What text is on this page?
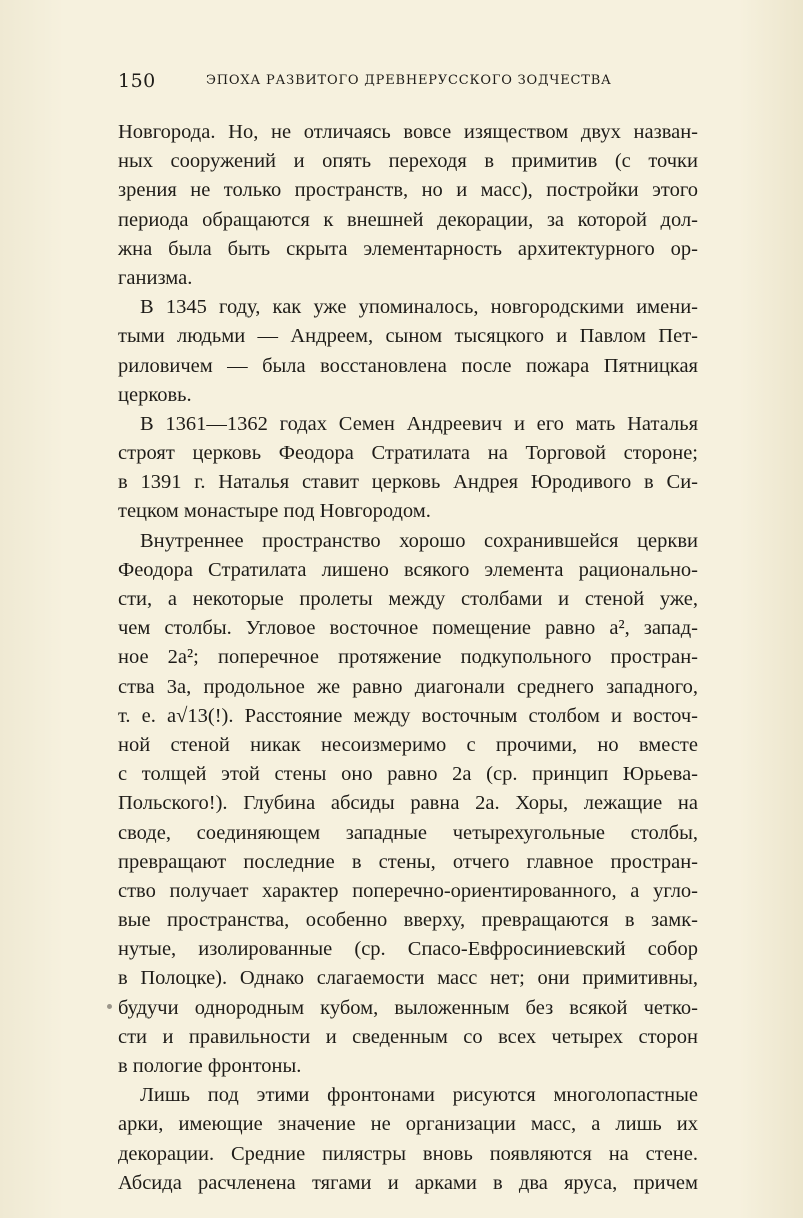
150	ЭПОХА РАЗВИТОГО ДРЕВНЕРУССКОГО ЗОДЧЕСТВА
Новгорода. Но, не отличаясь вовсе изяществом двух назван-
ных сооружений и опять переходя в примитив (с точки
зрения не только пространств, но и масс), постройки этого
периода обращаются к внешней декорации, за которой дол-
жна была быть скрыта элементарность архитектурного ор-
ганизма.
В 1345 году, как уже упоминалось, новгородскими имени-
тыми людьми — Андреем, сыном тысяцкого и Павлом Пет-
риловичем — была восстановлена после пожара Пятницкая
церковь.
В 1361—1362 годах Семен Андреевич и его мать Наталья
строят церковь Феодора Стратилата на Торговой стороне;
в 1391 г. Наталья ставит церковь Андрея Юродивого в Си-
тецком монастыре под Новгородом.
Внутреннее пространство хорошо сохранившейся церкви
Феодора Стратилата лишено всякого элемента рационально-
сти, а некоторые пролеты между столбами и стеной уже,
чем столбы. Угловое восточное помещение равно a², запад-
ное 2a²; поперечное протяжение подкупольного простран-
ства 3a, продольное же равно диагонали среднего западного,
т. е. a√13(!). Расстояние между восточным столбом и восточ-
ной стеной никак несоизмеримо с прочими, но вместе
с толщей этой стены оно равно 2a (ср. принцип Юрьева-
Польского!). Глубина абсиды равна 2a. Хоры, лежащие на
своде, соединяющем западные четырехугольные столбы,
превращают последние в стены, отчего главное простран-
ство получает характер поперечно-ориентированного, а угло-
вые пространства, особенно вверху, превращаются в замк-
нутые, изолированные (ср. Спасо-Евфросиниевский собор
в Полоцке). Однако слагаемости масс нет; они примитивны,
будучи однородным кубом, выложенным без всякой четко-
сти и правильности и сведенным со всех четырех сторон
в пологие фронтоны.
Лишь под этими фронтонами рисуются многолопастные
арки, имеющие значение не организации масс, а лишь их
декорации. Средние пилястры вновь появляются на стене.
Абсида расчленена тягами и арками в два яруса, причем
